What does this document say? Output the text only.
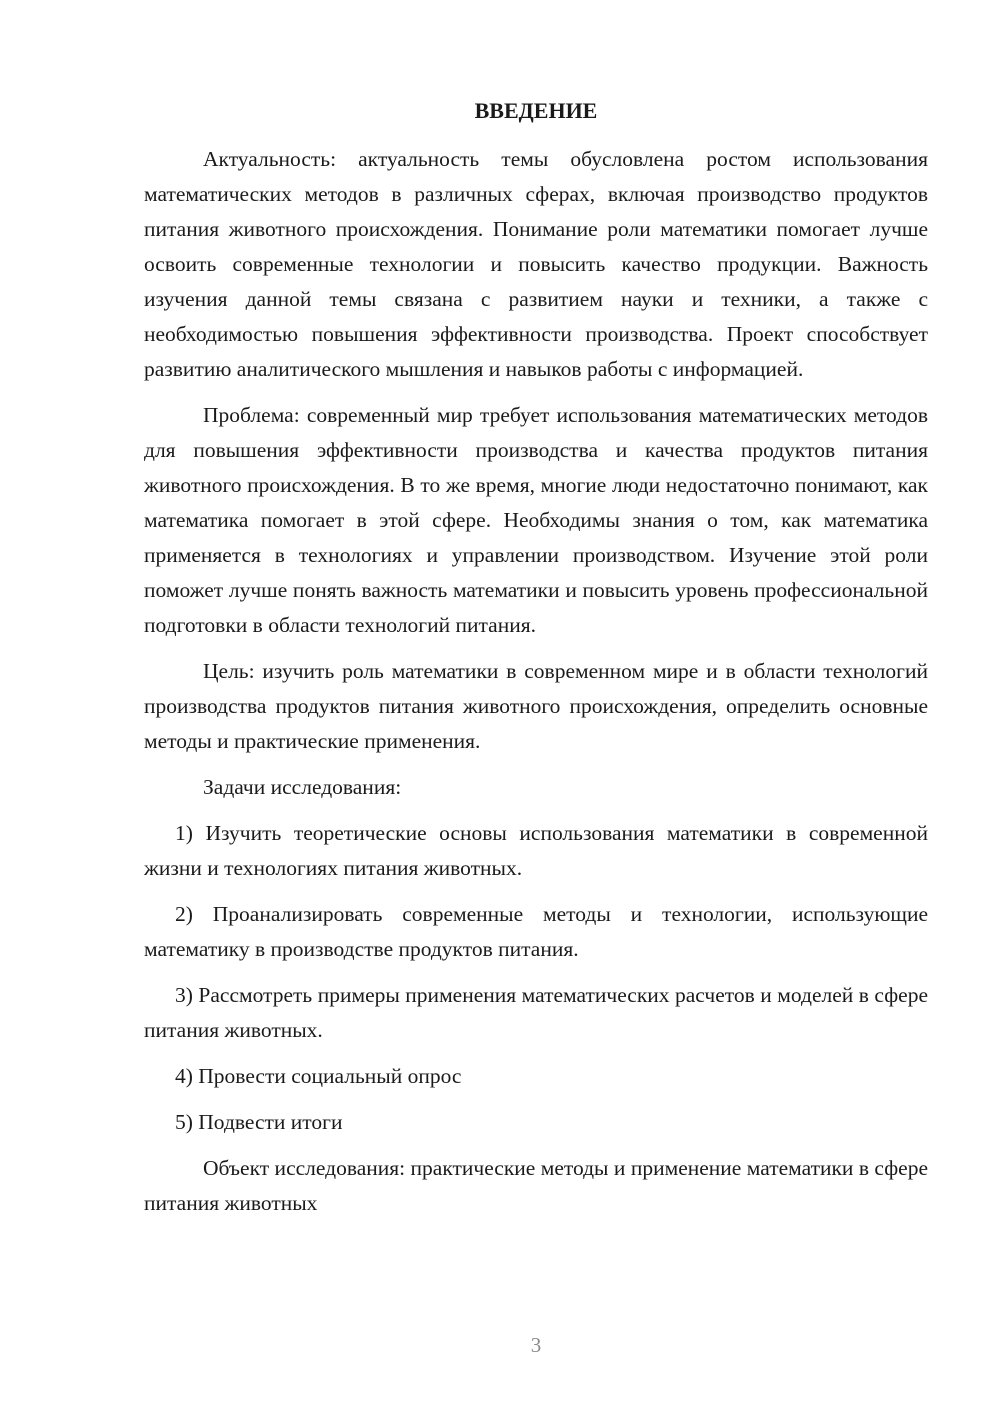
ВВЕДЕНИЕ

Актуальность: актуальность темы обусловлена ростом использования математических методов в различных сферах, включая производство продуктов питания животного происхождения. Понимание роли математики помогает лучше освоить современные технологии и повысить качество продукции. Важность изучения данной темы связана с развитием науки и техники, а также с необходимостью повышения эффективности производства. Проект способствует развитию аналитического мышления и навыков работы с информацией.

Проблема: современный мир требует использования математических методов для повышения эффективности производства и качества продуктов питания животного происхождения. В то же время, многие люди недостаточно понимают, как математика помогает в этой сфере. Необходимы знания о том, как математика применяется в технологиях и управлении производством. Изучение этой роли поможет лучше понять важность математики и повысить уровень профессиональной подготовки в области технологий питания.

Цель: изучить роль математики в современном мире и в области технологий производства продуктов питания животного происхождения, определить основные методы и практические применения.

Задачи исследования:

1) Изучить теоретические основы использования математики в современной жизни и технологиях питания животных.

2) Проанализировать современные методы и технологии, использующие математику в производстве продуктов питания.

3) Рассмотреть примеры применения математических расчетов и моделей в сфере питания животных.

4) Провести социальный опрос

5) Подвести итоги

Объект исследования: практические методы и применение математики в сфере питания животных

3
